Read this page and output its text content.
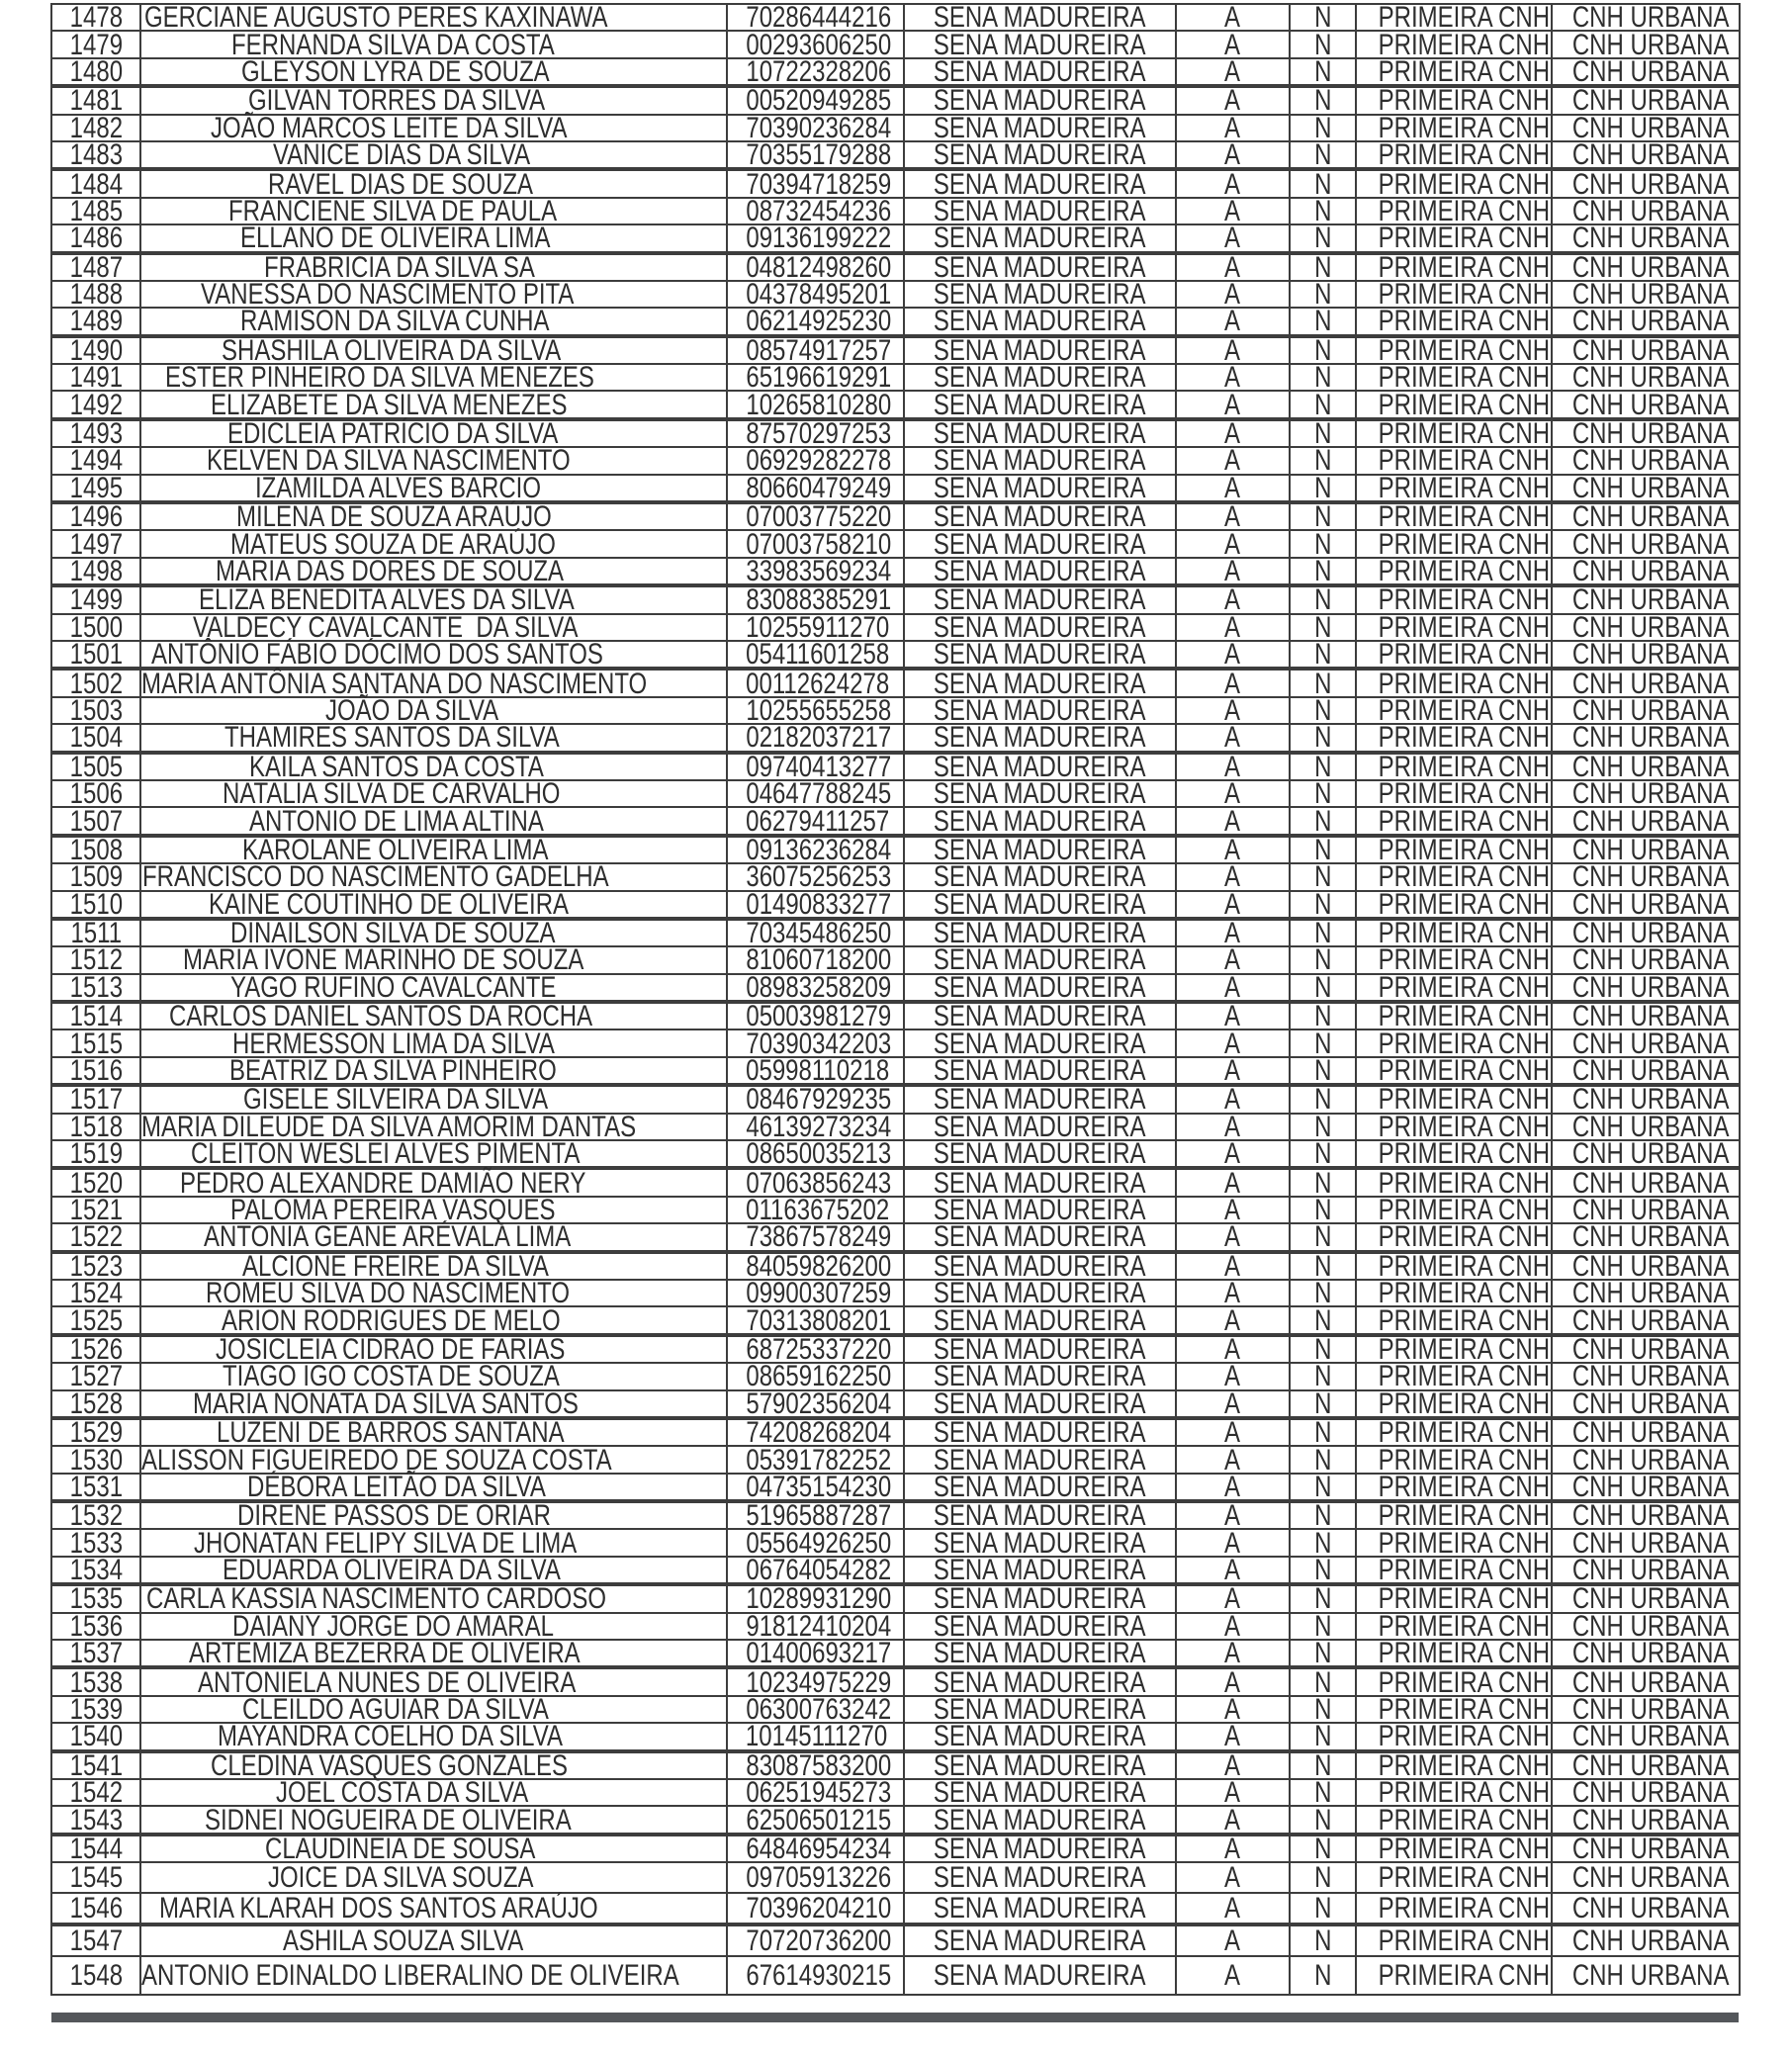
1478	GERCIANE AUGUSTO PERES KAXINAWA	70286444216	SENA MADUREIRA	A	N	PRIMEIRA CNH	CNH URBANA
1479	FERNANDA SILVA DA COSTA	00293606250	SENA MADUREIRA	A	N	PRIMEIRA CNH	CNH URBANA
1480	GLEYSON LYRA DE SOUZA	10722328206	SENA MADUREIRA	A	N	PRIMEIRA CNH	CNH URBANA
1481	GILVAN TORRES DA SILVA	00520949285	SENA MADUREIRA	A	N	PRIMEIRA CNH	CNH URBANA
1482	JOÃO MARCOS LEITE DA SILVA	70390236284	SENA MADUREIRA	A	N	PRIMEIRA CNH	CNH URBANA
1483	VANICE DIAS DA SILVA	70355179288	SENA MADUREIRA	A	N	PRIMEIRA CNH	CNH URBANA
1484	RAVEL DIAS DE SOUZA	70394718259	SENA MADUREIRA	A	N	PRIMEIRA CNH	CNH URBANA
1485	FRANCIENE SILVA DE PAULA	08732454236	SENA MADUREIRA	A	N	PRIMEIRA CNH	CNH URBANA
1486	ELLANO DE OLIVEIRA LIMA	09136199222	SENA MADUREIRA	A	N	PRIMEIRA CNH	CNH URBANA
1487	FRABRICIA DA SILVA SA	04812498260	SENA MADUREIRA	A	N	PRIMEIRA CNH	CNH URBANA
1488	VANESSA DO NASCIMENTO PITA	04378495201	SENA MADUREIRA	A	N	PRIMEIRA CNH	CNH URBANA
1489	RAMISON DA SILVA CUNHA	06214925230	SENA MADUREIRA	A	N	PRIMEIRA CNH	CNH URBANA
1490	SHASHILA OLIVEIRA DA SILVA	08574917257	SENA MADUREIRA	A	N	PRIMEIRA CNH	CNH URBANA
1491	ESTER PINHEIRO DA SILVA MENEZES	65196619291	SENA MADUREIRA	A	N	PRIMEIRA CNH	CNH URBANA
1492	ELIZABETE DA SILVA MENEZES	10265810280	SENA MADUREIRA	A	N	PRIMEIRA CNH	CNH URBANA
1493	EDICLEIA PATRÍCIO DA SILVA	87570297253	SENA MADUREIRA	A	N	PRIMEIRA CNH	CNH URBANA
1494	KELVEN DA SILVA NASCIMENTO	06929282278	SENA MADUREIRA	A	N	PRIMEIRA CNH	CNH URBANA
1495	IZAMILDA ALVES BARCIO	80660479249	SENA MADUREIRA	A	N	PRIMEIRA CNH	CNH URBANA
1496	MILENA DE SOUZA ARAÚJO	07003775220	SENA MADUREIRA	A	N	PRIMEIRA CNH	CNH URBANA
1497	MATEUS SOUZA DE ARAÚJO	07003758210	SENA MADUREIRA	A	N	PRIMEIRA CNH	CNH URBANA
1498	MARIA DAS DORES DE SOUZA	33983569234	SENA MADUREIRA	A	N	PRIMEIRA CNH	CNH URBANA
1499	ELIZA BENEDITA ALVES DA SILVA	83088385291	SENA MADUREIRA	A	N	PRIMEIRA CNH	CNH URBANA
1500	VALDECY CAVALCANTE  DA SILVA	10255911270	SENA MADUREIRA	A	N	PRIMEIRA CNH	CNH URBANA
1501	ANTÔNIO FÁBIO DÓCIMO DOS SANTOS	05411601258	SENA MADUREIRA	A	N	PRIMEIRA CNH	CNH URBANA
1502	MARIA ANTÔNIA SANTANA DO NASCIMENTO	00112624278	SENA MADUREIRA	A	N	PRIMEIRA CNH	CNH URBANA
1503	JOÃO DA SILVA	10255655258	SENA MADUREIRA	A	N	PRIMEIRA CNH	CNH URBANA
1504	THAMIRES SANTOS DA SILVA	02182037217	SENA MADUREIRA	A	N	PRIMEIRA CNH	CNH URBANA
1505	KAILA SANTOS DA COSTA	09740413277	SENA MADUREIRA	A	N	PRIMEIRA CNH	CNH URBANA
1506	NATALIA SILVA DE CARVALHO	04647788245	SENA MADUREIRA	A	N	PRIMEIRA CNH	CNH URBANA
1507	ANTONIO DE LIMA ALTINA	06279411257	SENA MADUREIRA	A	N	PRIMEIRA CNH	CNH URBANA
1508	KAROLANE OLIVEIRA LIMA	09136236284	SENA MADUREIRA	A	N	PRIMEIRA CNH	CNH URBANA
1509	FRANCISCO DO NASCIMENTO GADELHA	36075256253	SENA MADUREIRA	A	N	PRIMEIRA CNH	CNH URBANA
1510	KAINE COUTINHO DE OLIVEIRA	01490833277	SENA MADUREIRA	A	N	PRIMEIRA CNH	CNH URBANA
1511	DINAILSON SILVA DE SOUZA	70345486250	SENA MADUREIRA	A	N	PRIMEIRA CNH	CNH URBANA
1512	MARIA IVONE MARINHO DE SOUZA	81060718200	SENA MADUREIRA	A	N	PRIMEIRA CNH	CNH URBANA
1513	YAGO RUFINO CAVALCANTE	08983258209	SENA MADUREIRA	A	N	PRIMEIRA CNH	CNH URBANA
1514	CARLOS DANIEL SANTOS DA ROCHA	05003981279	SENA MADUREIRA	A	N	PRIMEIRA CNH	CNH URBANA
1515	HERMESSON LIMA DA SILVA	70390342203	SENA MADUREIRA	A	N	PRIMEIRA CNH	CNH URBANA
1516	BEATRIZ DA SILVA PINHEIRO	05998110218	SENA MADUREIRA	A	N	PRIMEIRA CNH	CNH URBANA
1517	GISELE SILVEIRA DA SILVA	08467929235	SENA MADUREIRA	A	N	PRIMEIRA CNH	CNH URBANA
1518	MARIA DILEUDE DA SILVA AMORIM DANTAS	46139273234	SENA MADUREIRA	A	N	PRIMEIRA CNH	CNH URBANA
1519	CLEITON WESLEI ALVES PIMENTA	08650035213	SENA MADUREIRA	A	N	PRIMEIRA CNH	CNH URBANA
1520	PEDRO ALEXANDRE DAMIÃO NERY	07063856243	SENA MADUREIRA	A	N	PRIMEIRA CNH	CNH URBANA
1521	PALOMA PEREIRA VASQUES	01163675202	SENA MADUREIRA	A	N	PRIMEIRA CNH	CNH URBANA
1522	ANTONIA GEANE ARÉVALA LIMA	73867578249	SENA MADUREIRA	A	N	PRIMEIRA CNH	CNH URBANA
1523	ALCIONE FREIRE DA SILVA	84059826200	SENA MADUREIRA	A	N	PRIMEIRA CNH	CNH URBANA
1524	ROMEU SILVA DO NASCIMENTO	09900307259	SENA MADUREIRA	A	N	PRIMEIRA CNH	CNH URBANA
1525	ARION RODRIGUES DE MELO	70313808201	SENA MADUREIRA	A	N	PRIMEIRA CNH	CNH URBANA
1526	JOSICLEIA CIDRAO DE FARIAS	68725337220	SENA MADUREIRA	A	N	PRIMEIRA CNH	CNH URBANA
1527	TIAGO IGO COSTA DE SOUZA	08659162250	SENA MADUREIRA	A	N	PRIMEIRA CNH	CNH URBANA
1528	MARIA NONATA DA SILVA SANTOS	57902356204	SENA MADUREIRA	A	N	PRIMEIRA CNH	CNH URBANA
1529	LUZENI DE BARROS SANTANA	74208268204	SENA MADUREIRA	A	N	PRIMEIRA CNH	CNH URBANA
1530	ALISSON FIGUEIREDO DE SOUZA COSTA	05391782252	SENA MADUREIRA	A	N	PRIMEIRA CNH	CNH URBANA
1531	DÉBORA LEITÃO DA SILVA	04735154230	SENA MADUREIRA	A	N	PRIMEIRA CNH	CNH URBANA
1532	DIRENE PASSOS DE ORIAR	51965887287	SENA MADUREIRA	A	N	PRIMEIRA CNH	CNH URBANA
1533	JHONATAN FELIPY SILVA DE LIMA	05564926250	SENA MADUREIRA	A	N	PRIMEIRA CNH	CNH URBANA
1534	EDUARDA OLIVEIRA DA SILVA	06764054282	SENA MADUREIRA	A	N	PRIMEIRA CNH	CNH URBANA
1535	CARLA KASSIA NASCIMENTO CARDOSO	10289931290	SENA MADUREIRA	A	N	PRIMEIRA CNH	CNH URBANA
1536	DAIANY JORGE DO AMARAL	91812410204	SENA MADUREIRA	A	N	PRIMEIRA CNH	CNH URBANA
1537	ARTEMIZA BEZERRA DE OLIVEIRA	01400693217	SENA MADUREIRA	A	N	PRIMEIRA CNH	CNH URBANA
1538	ANTONIELA NUNES DE OLIVEIRA	10234975229	SENA MADUREIRA	A	N	PRIMEIRA CNH	CNH URBANA
1539	CLEILDO AGUIAR DA SILVA	06300763242	SENA MADUREIRA	A	N	PRIMEIRA CNH	CNH URBANA
1540	MAYANDRA COELHO DA SILVA	10145111270	SENA MADUREIRA	A	N	PRIMEIRA CNH	CNH URBANA
1541	CLEDINA VASQUES GONZALES	83087583200	SENA MADUREIRA	A	N	PRIMEIRA CNH	CNH URBANA
1542	JOEL COSTA DA SILVA	06251945273	SENA MADUREIRA	A	N	PRIMEIRA CNH	CNH URBANA
1543	SIDNEI NOGUEIRA DE OLIVEIRA	62506501215	SENA MADUREIRA	A	N	PRIMEIRA CNH	CNH URBANA
1544	CLAUDINEIA DE SOUSA	64846954234	SENA MADUREIRA	A	N	PRIMEIRA CNH	CNH URBANA
1545	JOICE DA SILVA SOUZA	09705913226	SENA MADUREIRA	A	N	PRIMEIRA CNH	CNH URBANA
1546	MARIA KLARAH DOS SANTOS ARAÚJO	70396204210	SENA MADUREIRA	A	N	PRIMEIRA CNH	CNH URBANA
1547	ASHILA SOUZA SILVA	70720736200	SENA MADUREIRA	A	N	PRIMEIRA CNH	CNH URBANA
1548	ANTONIO EDINALDO LIBERALINO DE OLIVEIRA	67614930215	SENA MADUREIRA	A	N	PRIMEIRA CNH	CNH URBANA
